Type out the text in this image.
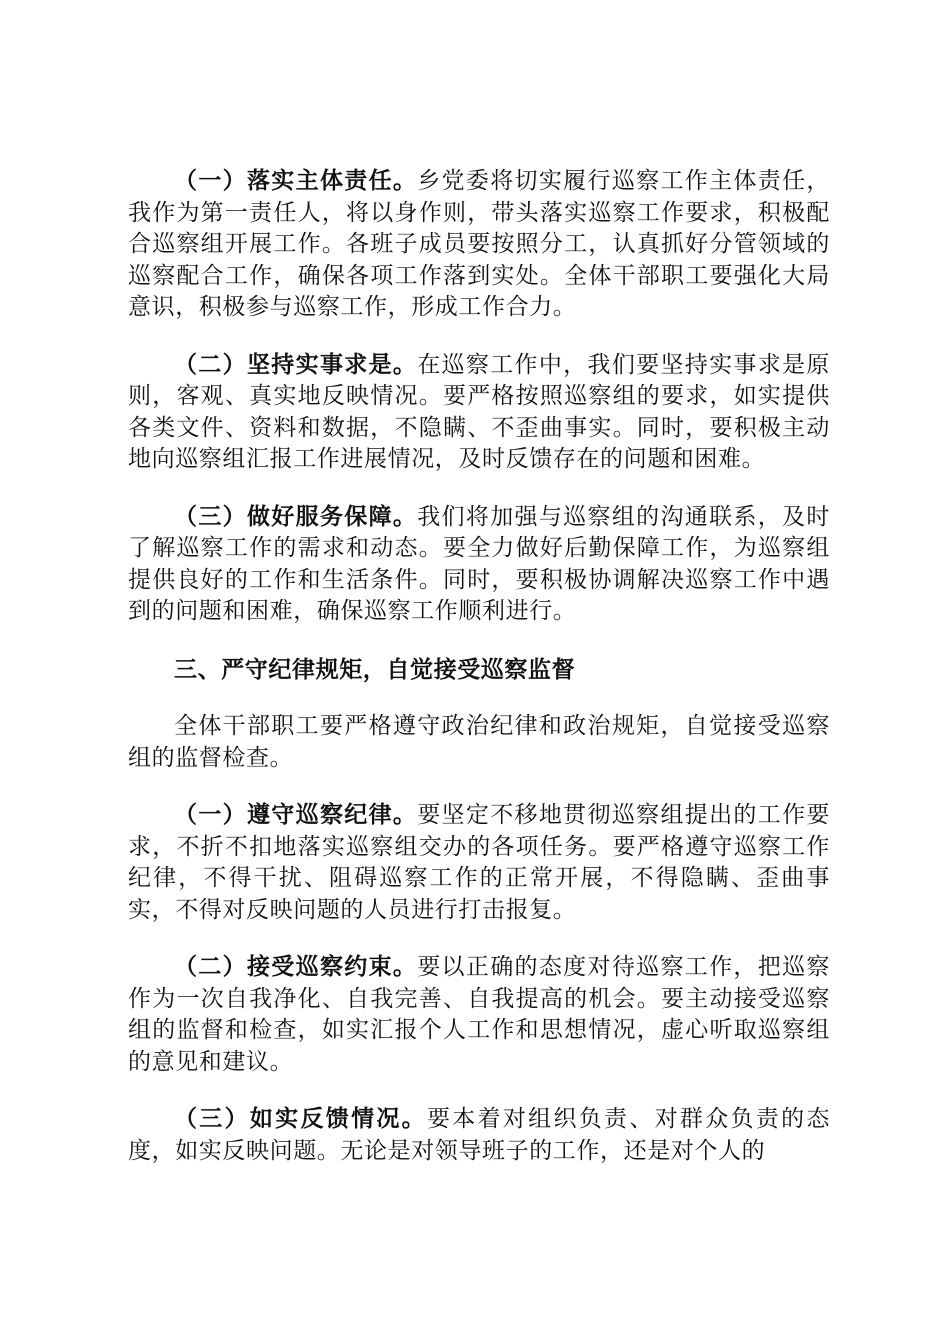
（一）落实主体责任。乡党委将切实履行巡察工作主体责任，我作为第一责任人，将以身作则，带头落实巡察工作要求，积极配合巡察组开展工作。各班子成员要按照分工，认真抓好分管领域的巡察配合工作，确保各项工作落到实处。全体干部职工要强化大局意识，积极参与巡察工作，形成工作合力。

（二）坚持实事求是。在巡察工作中，我们要坚持实事求是原则，客观、真实地反映情况。要严格按照巡察组的要求，如实提供各类文件、资料和数据，不隐瞒、不歪曲事实。同时，要积极主动地向巡察组汇报工作进展情况，及时反馈存在的问题和困难。

（三）做好服务保障。我们将加强与巡察组的沟通联系，及时了解巡察工作的需求和动态。要全力做好后勤保障工作，为巡察组提供良好的工作和生活条件。同时，要积极协调解决巡察工作中遇到的问题和困难，确保巡察工作顺利进行。

三、严守纪律规矩，自觉接受巡察监督

全体干部职工要严格遵守政治纪律和政治规矩，自觉接受巡察组的监督检查。

（一）遵守巡察纪律。要坚定不移地贯彻巡察组提出的工作要求，不折不扣地落实巡察组交办的各项任务。要严格遵守巡察工作纪律，不得干扰、阻碍巡察工作的正常开展，不得隐瞒、歪曲事实，不得对反映问题的人员进行打击报复。

（二）接受巡察约束。要以正确的态度对待巡察工作，把巡察作为一次自我净化、自我完善、自我提高的机会。要主动接受巡察组的监督和检查，如实汇报个人工作和思想情况，虚心听取巡察组的意见和建议。

（三）如实反馈情况。要本着对组织负责、对群众负责的态度，如实反映问题。无论是对领导班子的工作，还是对个人的
